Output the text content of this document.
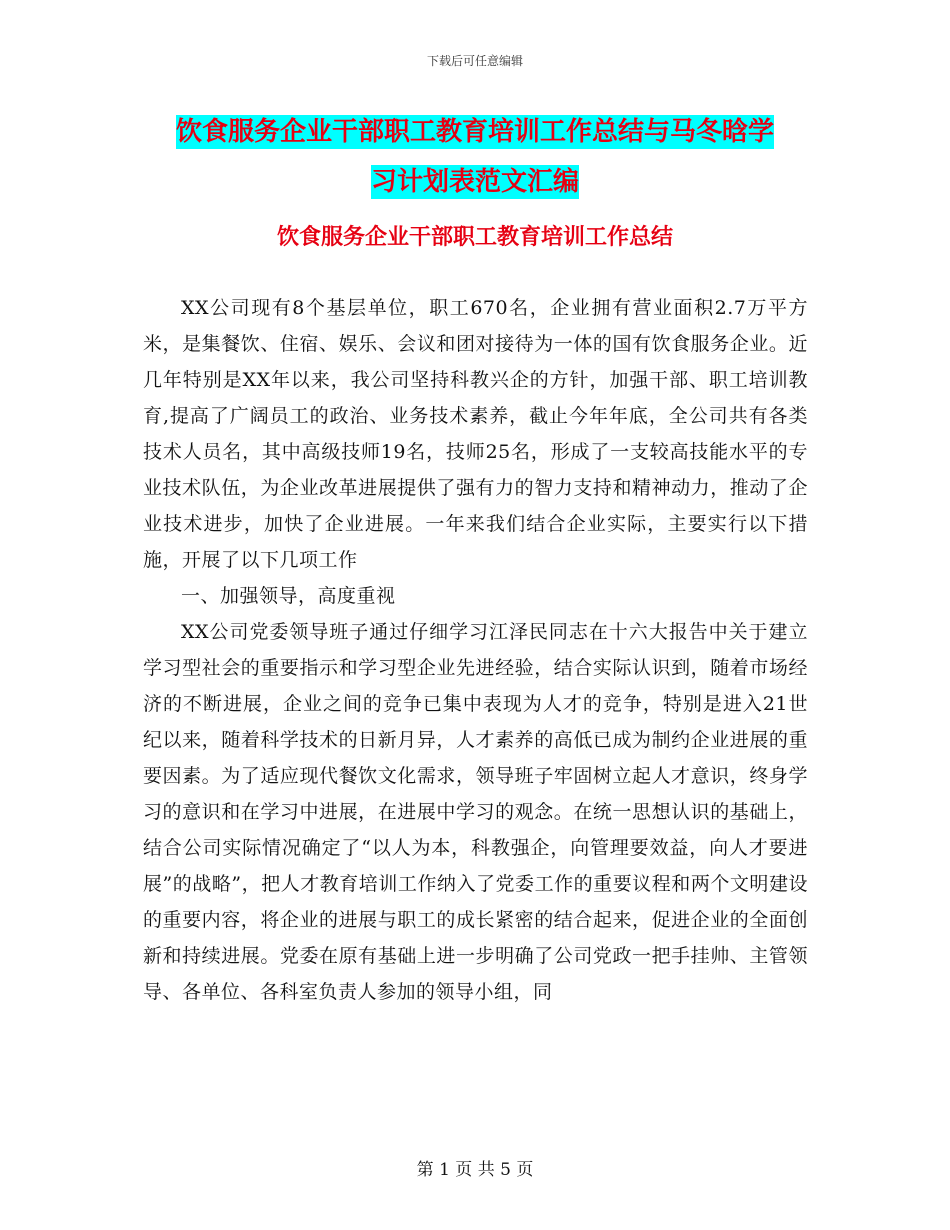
下载后可任意编辑
饮食服务企业干部职工教育培训工作总结与马冬晗学
习计划表范文汇编
饮食服务企业干部职工教育培训工作总结

XX公司现有8个基层单位，职工670名，企业拥有营业面积2.7万平方米，是集餐饮、住宿、娱乐、会议和团对接待为一体的国有饮食服务企业。近几年特别是XX年以来，我公司坚持科教兴企的方针，加强干部、职工培训教育,提高了广阔员工的政治、业务技术素养，截止今年年底，全公司共有各类技术人员名，其中高级技师19名，技师25名，形成了一支较高技能水平的专业技术队伍，为企业改革进展提供了强有力的智力支持和精神动力，推动了企业技术进步，加快了企业进展。一年来我们结合企业实际，主要实行以下措施，开展了以下几项工作

一、加强领导，高度重视

XX公司党委领导班子通过仔细学习江泽民同志在十六大报告中关于建立学习型社会的重要指示和学习型企业先进经验，结合实际认识到，随着市场经济的不断进展，企业之间的竞争已集中表现为人才的竞争，特别是进入21世纪以来，随着科学技术的日新月异，人才素养的高低已成为制约企业进展的重要因素。为了适应现代餐饮文化需求，领导班子牢固树立起人才意识，终身学习的意识和在学习中进展，在进展中学习的观念。在统一思想认识的基础上，结合公司实际情况确定了“以人为本，科教强企，向管理要效益，向人才要进展”的战略”，把人才教育培训工作纳入了党委工作的重要议程和两个文明建设的重要内容，将企业的进展与职工的成长紧密的结合起来，促进企业的全面创新和持续进展。党委在原有基础上进一步明确了公司党政一把手挂帅、主管领导、各单位、各科室负责人参加的领导小组，同

第 1 页 共 5 页
